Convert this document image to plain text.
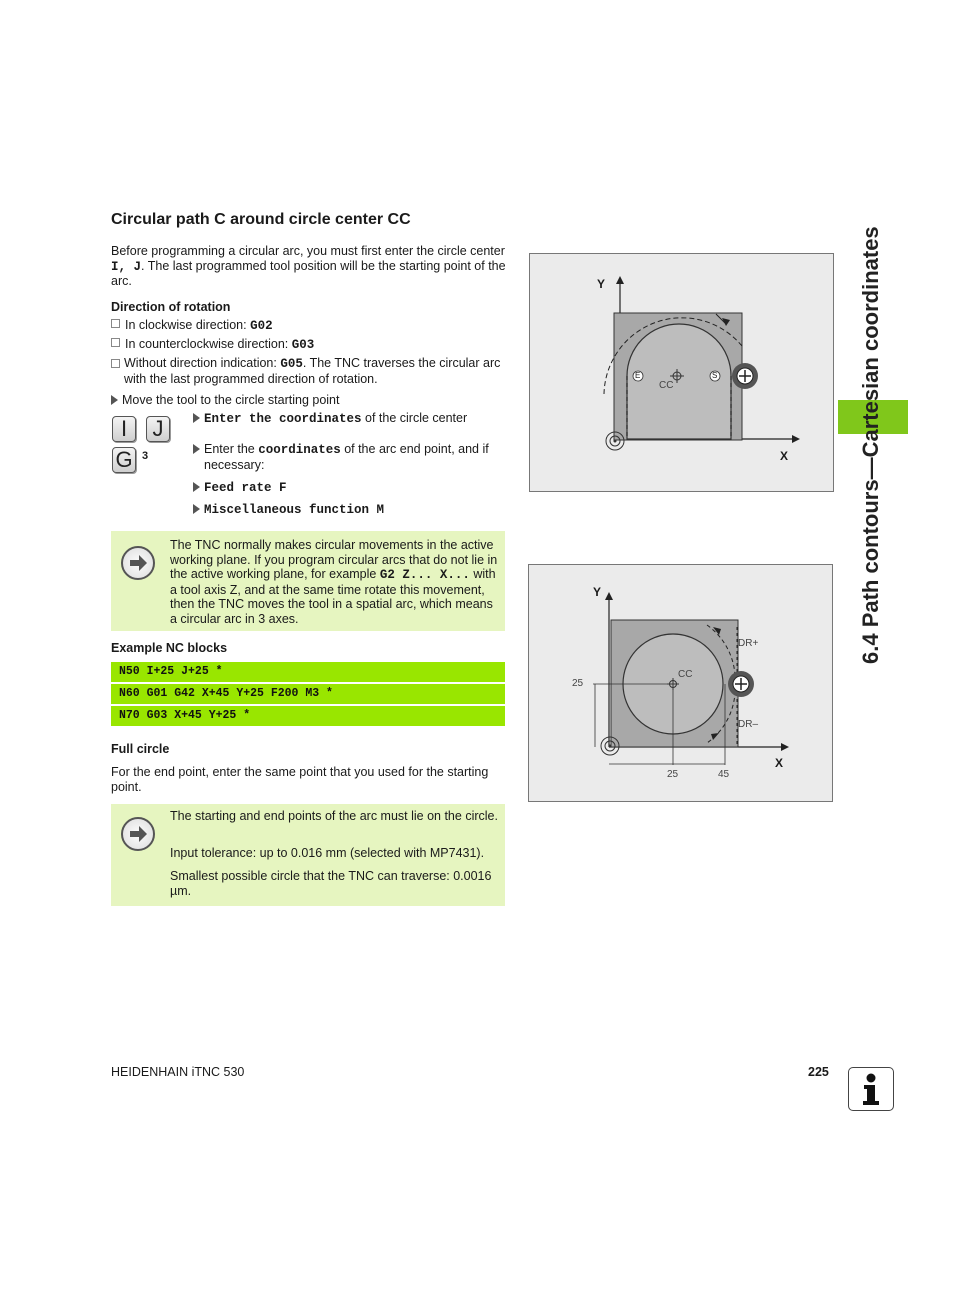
6.4 Path contours—Cartesian coordinates
Circular path C around circle center CC
Before programming a circular arc, you must first enter the circle center I, J. The last programmed tool position will be the starting point of the arc.
Direction of rotation
In clockwise direction: G02
In counterclockwise direction: G03
Without direction indication: G05. The TNC traverses the circular arc with the last programmed direction of rotation.
Move the tool to the circle starting point
I	J
G 3
Enter the coordinates of the circle center
Enter the coordinates of the arc end point, and if necessary:
Feed rate F
Miscellaneous function M
The TNC normally makes circular movements in the active working plane. If you program circular arcs that do not lie in the active working plane, for example G2 Z... X... with a tool axis Z, and at the same time rotate this movement, then the TNC moves the tool in a spatial arc, which means a circular arc in 3 axes.
Example NC blocks
N50 I+25 J+25 *
N60 G01 G42 X+45 Y+25 F200 M3 *
N70 G03 X+45 Y+25 *
Full circle
For the end point, enter the same point that you used for the starting point.
The starting and end points of the arc must lie on the circle.
Input tolerance: up to 0.016 mm (selected with MP7431).
Smallest possible circle that the TNC can traverse: 0.0016 µm.
Y
X
E	S
CC
Y
X
CC
DR+
DR–
25
25	45
HEIDENHAIN iTNC 530	225
